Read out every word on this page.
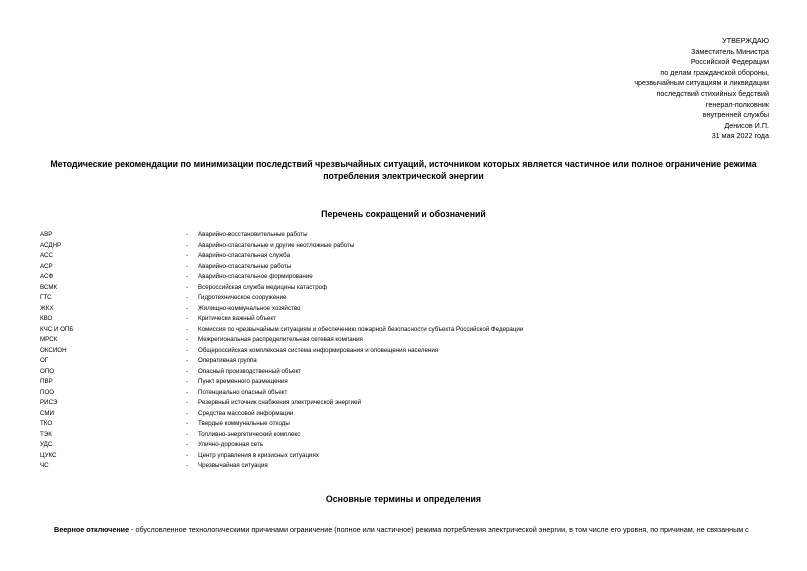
УТВЕРЖДАЮ
Заместитель Министра
Российской Федерации
по делам гражданской обороны,
чрезвычайным ситуациям и ликвидации
последствий стихийных бедствий
генерал-полковник
внутренней службы
Денисов И.П.
31 мая 2022 года
Методические рекомендации по минимизации последствий чрезвычайных ситуаций, источником которых является частичное или полное ограничение режима потребления электрической энергии
Перечень сокращений и обозначений
АВР	- Аварийно-восстановительные работы
АСДНР	- Аварийно-спасательные и другие неотложные работы
АСС	- Аварийно-спасательная служба
АСР	- Аварийно-спасательные работы
АСФ	- Аварийно-спасательное формирование
ВСМК	- Всероссийская служба медицины катастроф
ГТС	- Гидротехническое сооружение
ЖКХ	- Жилищно-коммунальное хозяйство
КВО	- Критически важный объект
КЧС И ОПБ	- Комиссия по чрезвычайным ситуациям и обеспечению пожарной безопасности субъекта Российской Федерации
МРСК	- Межрегиональная распределительная сетевая компания
ОКСИОН	- Общероссийская комплексная система информирования и оповещения населения
ОГ	- Оперативная группа
ОПО	- Опасный производственный объект
ПВР	- Пункт временного размещения
ПОО	- Потенциально опасный объект
РИСЭ	- Резервный источник снабжения электрической энергией
СМИ	- Средства массовой информации
ТКО	- Твердые коммунальные отходы
ТЭК	- Топливно-энергетический комплекс
УДС	- Улично-дорожная сеть
ЦУКС	- Центр управления в кризисных ситуациях
ЧС	- Чрезвычайная ситуация
Основные термины и определения
Веерное отключение - обусловленное технологическими причинами ограничение (полное или частичное) режима потребления электрической энергии, в том числе его уровня, по причинам, не связанным с
